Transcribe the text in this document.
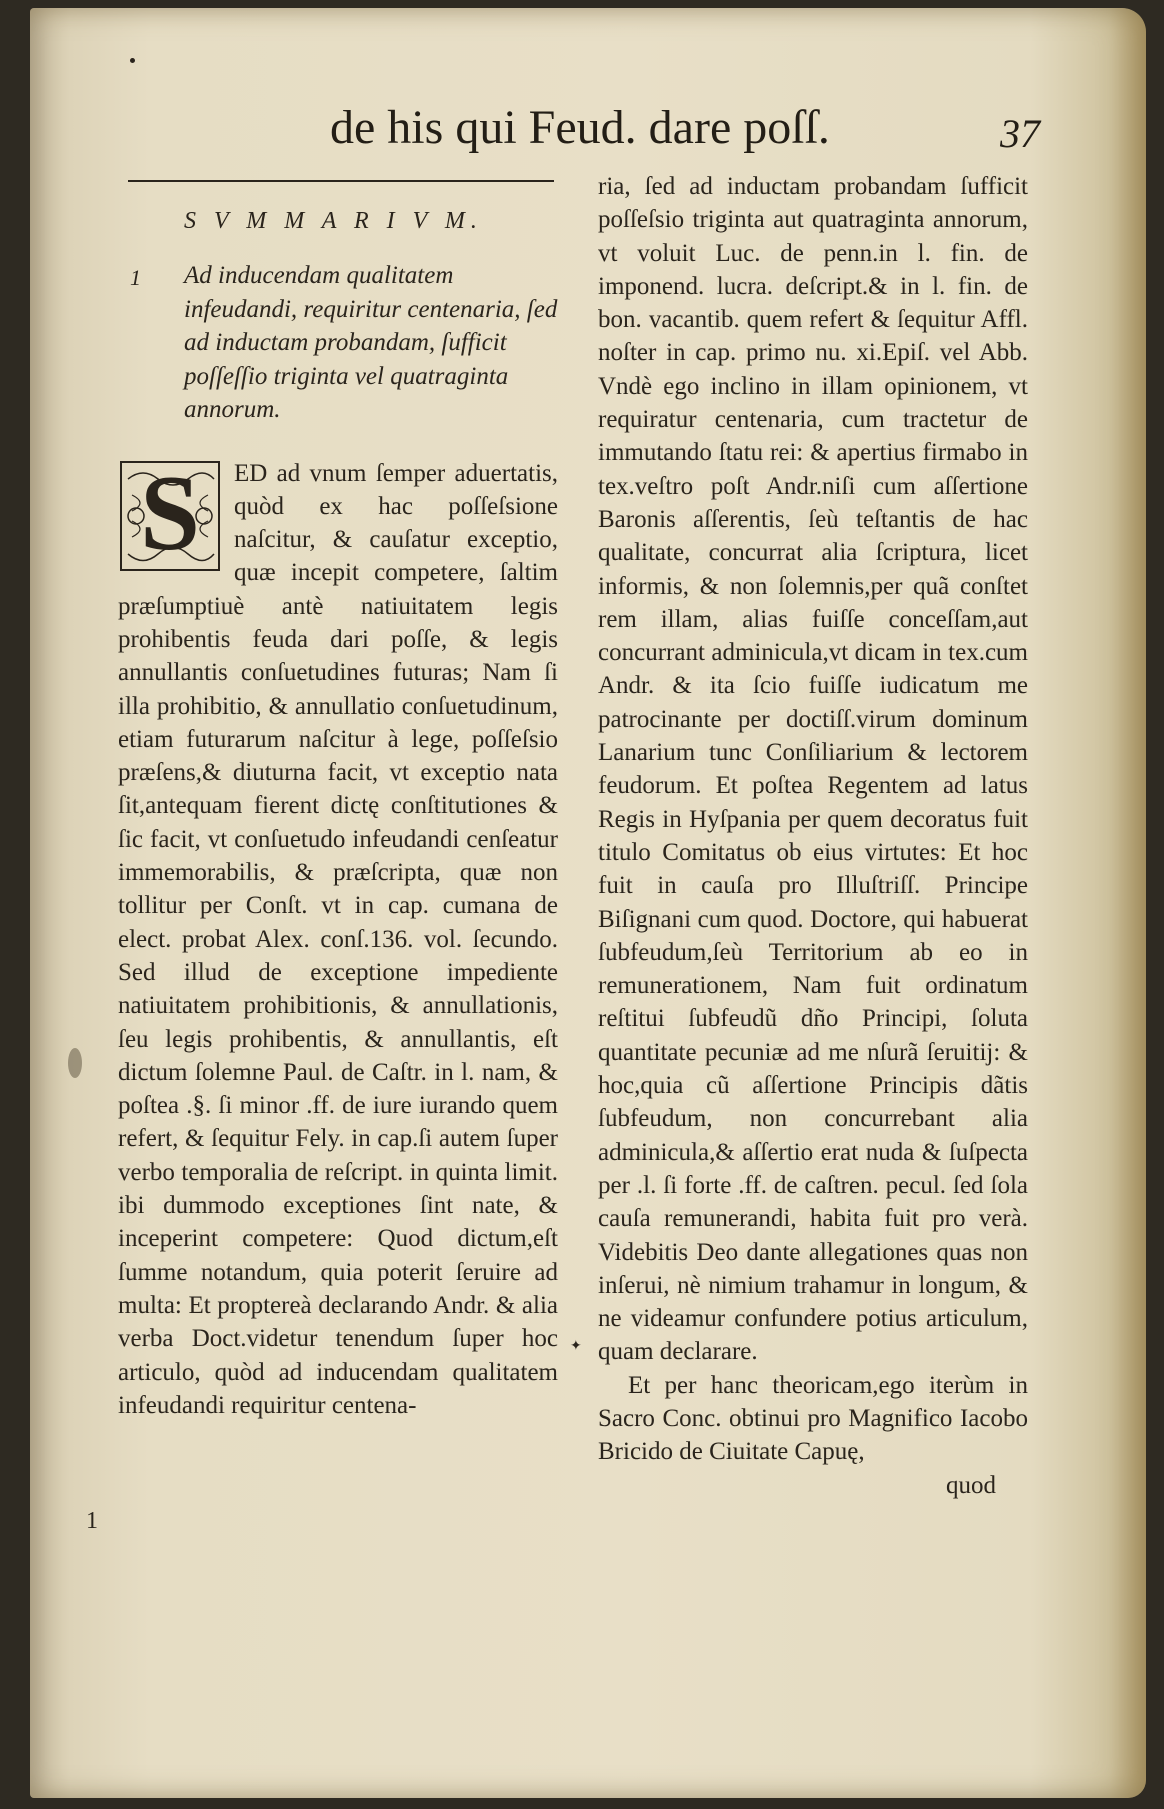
de his qui Feud. dare poſſ.	37
S V M M A R I V M.
1 Ad inducendam qualitatem infeudandi, requiritur centenaria, ſed ad inductam probandam, ſufficit poſſeſſio triginta vel quatraginta annorum.
S	ED ad vnum ſemper aduertatis, quòd ex hac poſſeſsione naſcitur, & cauſatur exceptio, quæ incepit competere, ſaltim præſumptiuè antè natiuitatem legis prohibentis feuda dari poſſe, & legis annullantis conſuetudines futuras; Nam ſi illa prohibitio, & annullatio conſuetudinum, etiam futurarum naſcitur à lege, poſſeſsio præſens,& diuturna facit, vt exceptio nata ſit,antequam fierent dictę conſtitutiones & ſic facit, vt conſuetudo infeudandi cenſeatur immemorabilis, & præſcripta, quæ non tollitur per Conſt. vt in cap. cumana de elect. probat Alex. conſ.136. vol. ſecundo. Sed illud de exceptione impediente natiuitatem prohibitionis, & annullationis, ſeu legis prohibentis, & annullantis, eſt dictum ſolemne Paul. de Caſtr. in l. nam, & poſtea .§. ſi minor .ff. de iure iurando quem refert, & ſequitur Fely. in cap.ſi autem ſuper verbo temporalia de reſcript. in quinta limit. ibi dummodo exceptiones ſint nate, & inceperint competere: Quod dictum,eſt ſumme notandum, quia poterit ſeruire ad multa: Et proptereà declarando Andr. & alia verba Doct.videtur tenendum ſuper hoc articulo, quòd ad inducendam qualitatem infeudandi requiritur centena-
1
✦

ria, ſed ad inductam probandam ſufficit poſſeſsio triginta aut quatraginta annorum, vt voluit Luc. de penn.in l. fin. de imponend. lucra. deſcript.& in l. fin. de bon. vacantib. quem refert & ſequitur Affl. noſter in cap. primo nu. xi.Epiſ. vel Abb. Vndè ego inclino in illam opinionem, vt requiratur centenaria, cum tractetur de immutando ſtatu rei: & apertius firmabo in tex.veſtro poſt Andr.niſi cum aſſertione Baronis aſſerentis, ſeù teſtantis de hac qualitate, concurrat alia ſcriptura, licet informis, & non ſolemnis,per quã conſtet rem illam, alias fuiſſe conceſſam,aut concurrant adminicula,vt dicam in tex.cum Andr. & ita ſcio fuiſſe iudicatum me patrocinante per doctiſſ.virum dominum Lanarium tunc Conſiliarium & lectorem feudorum. Et poſtea Regentem ad latus Regis in Hyſpania per quem decoratus fuit titulo Comitatus ob eius virtutes: Et hoc fuit in cauſa pro Illuſtriſſ. Principe Biſignani cum quod. Doctore, qui habuerat ſubfeudum,ſeù Territorium ab eo in remunerationem, Nam fuit ordinatum reſtitui ſubfeudũ dño Principi, ſoluta quantitate pecuniæ ad me nſurã ſeruitij: & hoc,quia cũ aſſertione Principis dãtis ſubfeudum, non concurrebant alia adminicula,& aſſertio erat nuda & ſuſpecta per .l. ſi forte .ff. de caſtren. pecul. ſed ſola cauſa remunerandi, habita fuit pro verà. Videbitis Deo dante allegationes quas non inſerui, nè nimium trahamur in longum, & ne videamur confundere potius articulum, quam declarare.

Et per hanc theoricam,ego iterùm in Sacro Conc. obtinui pro Magnifico Iacobo Bricido de Ciuitate Capuę,

quod
